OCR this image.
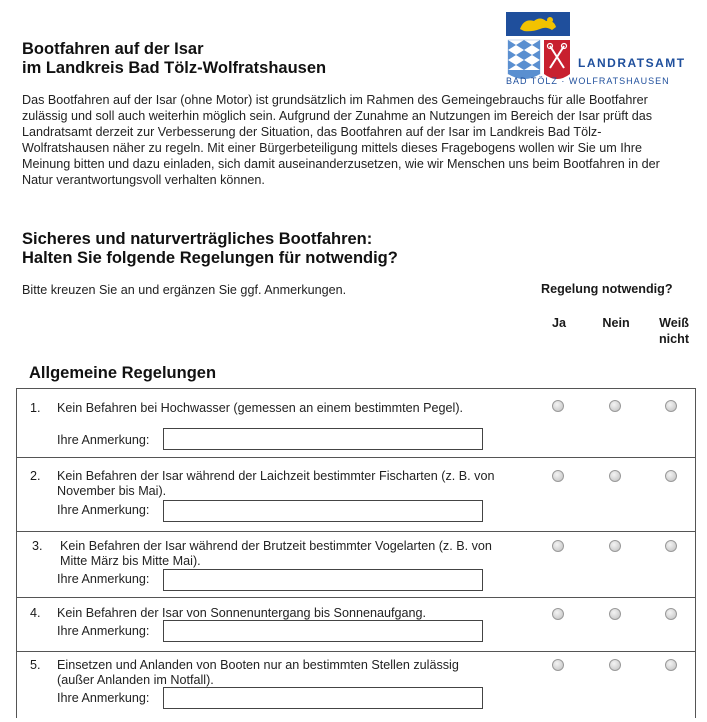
Bootfahren auf der Isar
im Landkreis Bad Tölz-Wolfratshausen	LANDRATSAMT
BAD TÖLZ · WOLFRATSHAUSEN

Das Bootfahren auf der Isar (ohne Motor) ist grundsätzlich im Rahmen des Gemeingebrauchs für alle Bootfahrer zulässig und soll auch weiterhin möglich sein. Aufgrund der Zunahme an Nutzungen im Bereich der Isar prüft das Landratsamt derzeit zur Verbesserung der Situation, das Bootfahren auf der Isar im Landkreis Bad Tölz-Wolfratshausen näher zu regeln. Mit einer Bürgerbeteiligung mittels dieses Fragebogens wollen wir Sie um Ihre Meinung bitten und dazu einladen, sich damit auseinanderzusetzen, wie wir Menschen uns beim Bootfahren in der Natur verantwortungsvoll verhalten können.

Sicheres und naturverträgliches Bootfahren:
Halten Sie folgende Regelungen für notwendig?
Bitte kreuzen Sie an und ergänzen Sie ggf. Anmerkungen.	Regelung notwendig?
Ja	Nein	Weiß
nicht
Allgemeine Regelungen
1. Kein Befahren bei Hochwasser (gemessen an einem bestimmten Pegel).
Ihre Anmerkung:
2. Kein Befahren der Isar während der Laichzeit bestimmter Fischarten (z. B. von November bis Mai).
Ihre Anmerkung:
3. Kein Befahren der Isar während der Brutzeit bestimmter Vogelarten (z. B. von Mitte März bis Mitte Mai).
Ihre Anmerkung:
4. Kein Befahren der Isar von Sonnenuntergang bis Sonnenaufgang.
Ihre Anmerkung:
5. Einsetzen und Anlanden von Booten nur an bestimmten Stellen zulässig (außer Anlanden im Notfall).
Ihre Anmerkung:
